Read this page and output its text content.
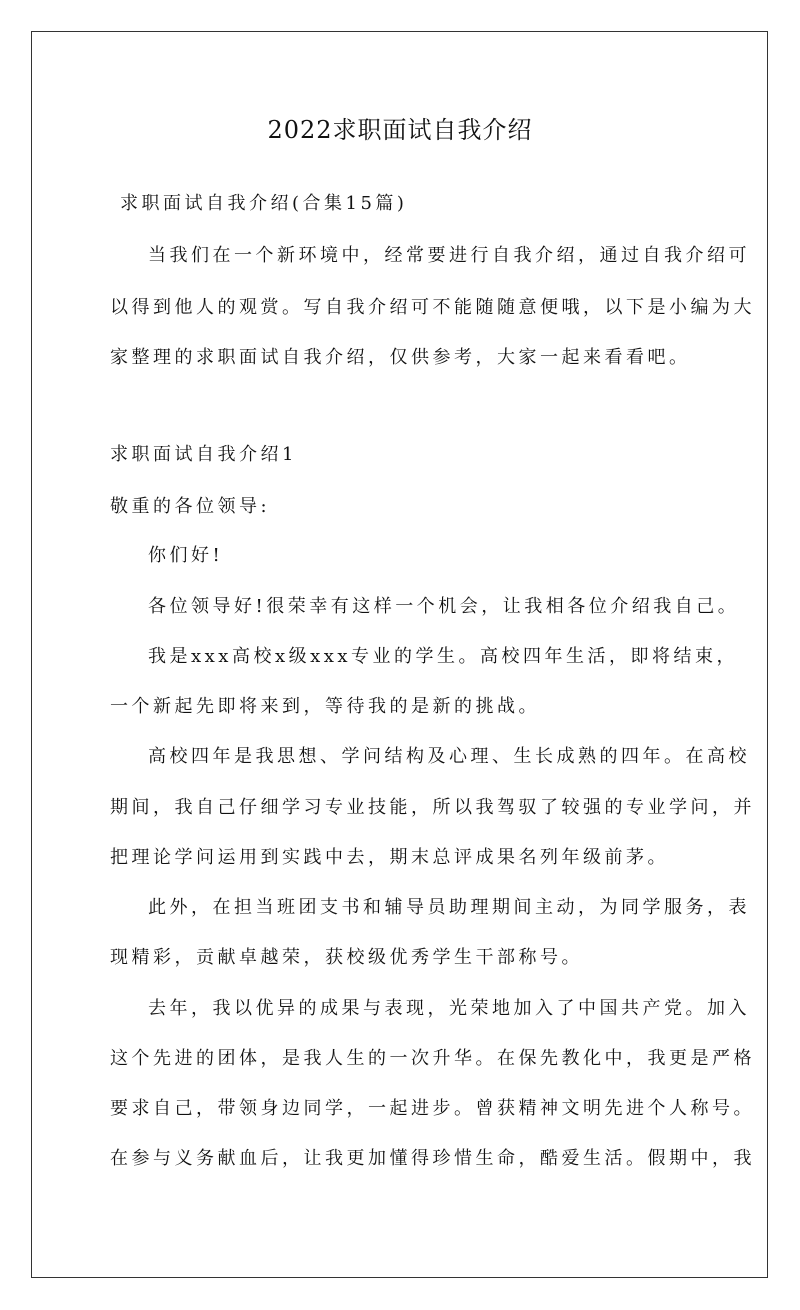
2022求职面试自我介绍
求职面试自我介绍(合集15篇)
当我们在一个新环境中，经常要进行自我介绍，通过自我介绍可
以得到他人的观赏。写自我介绍可不能随随意便哦，以下是小编为大
家整理的求职面试自我介绍，仅供参考，大家一起来看看吧。
求职面试自我介绍1
敬重的各位领导:
你们好!
各位领导好!很荣幸有这样一个机会，让我相各位介绍我自己。
我是xxx高校x级xxx专业的学生。高校四年生活，即将结束，
一个新起先即将来到，等待我的是新的挑战。
高校四年是我思想、学问结构及心理、生长成熟的四年。在高校
期间，我自己仔细学习专业技能，所以我驾驭了较强的专业学问，并
把理论学问运用到实践中去，期末总评成果名列年级前茅。
此外，在担当班团支书和辅导员助理期间主动，为同学服务，表
现精彩，贡献卓越荣，获校级优秀学生干部称号。
去年，我以优异的成果与表现，光荣地加入了中国共产党。加入
这个先进的团体，是我人生的一次升华。在保先教化中，我更是严格
要求自己，带领身边同学，一起进步。曾获精神文明先进个人称号。
在参与义务献血后，让我更加懂得珍惜生命，酷爱生活。假期中，我
